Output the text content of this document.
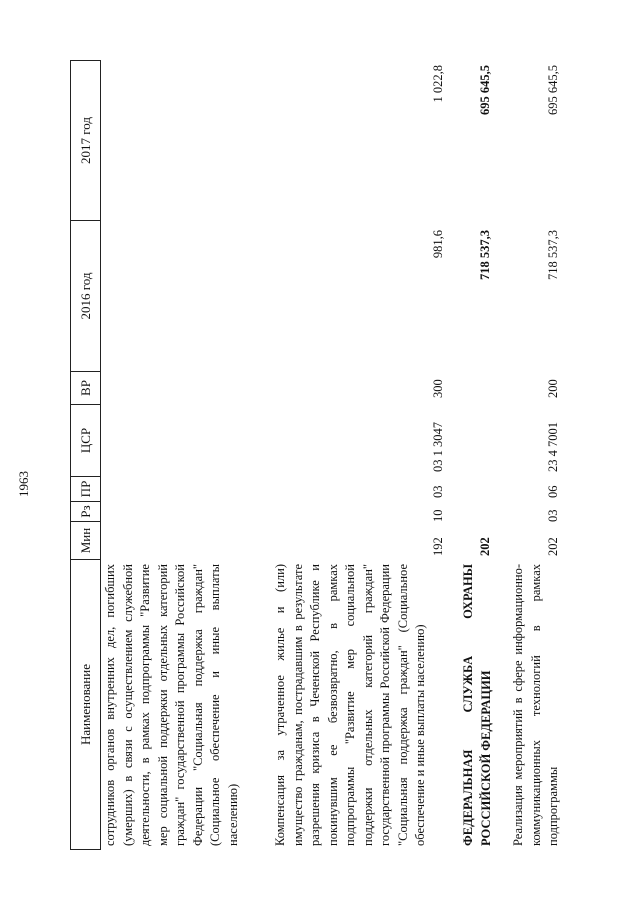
1963
Наименование
Мин
Рз
ПР
ЦСР
ВР
2016 год
2017 год
сотрудников органов внутренних дел, погибших (умерших) в связи с осуществлением служебной деятельности, в рамках подпрограммы "Развитие мер социальной поддержки отдельных категорий граждан" государственной программы Российской Федерации "Социальная поддержка граждан" (Социальное обеспечение и иные выплаты населению)	Компенсация за утраченное жилье и (или) имущество гражданам, пострадавшим в результате разрешения кризиса в Чеченской Республике и покинувшим ее безвозвратно, в рамках подпрограммы "Развитие мер социальной поддержки отдельных категорий граждан" государственной программы Российской Федерации "Социальная поддержка граждан" (Социальное обеспечение и иные выплаты населению)
192
10
03
03 1 3047
300
981,6
1 022,8
ФЕДЕРАЛЬНАЯ СЛУЖБА ОХРАНЫ РОССИЙСКОЙ ФЕДЕРАЦИИ
202
718 537,3
695 645,5
Реализация мероприятий в сфере информационно-коммуникационных технологий в рамках подпрограммы
202
03
06
23 4 7001
200
718 537,3
695 645,5
